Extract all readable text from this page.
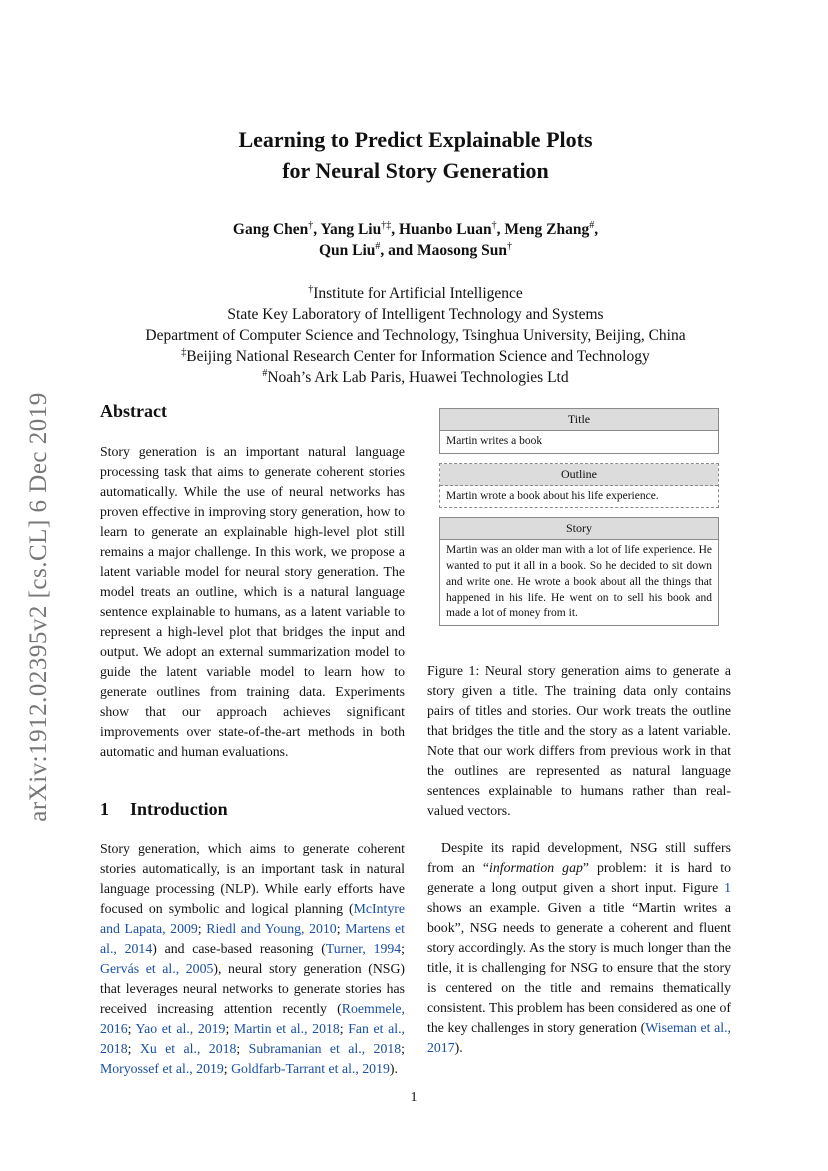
arXiv:1912.02395v2 [cs.CL] 6 Dec 2019
Learning to Predict Explainable Plots
for Neural Story Generation
Gang Chen†, Yang Liu†‡, Huanbo Luan†, Meng Zhang#,
Qun Liu#, and Maosong Sun†
†Institute for Artificial Intelligence
State Key Laboratory of Intelligent Technology and Systems
Department of Computer Science and Technology, Tsinghua University, Beijing, China
‡Beijing National Research Center for Information Science and Technology
#Noah’s Ark Lab Paris, Huawei Technologies Ltd
Abstract

Story generation is an important natural language processing task that aims to generate coherent stories automatically. While the use of neural networks has proven effective in improving story generation, how to learn to generate an explainable high-level plot still remains a major challenge. In this work, we propose a latent variable model for neural story generation. The model treats an outline, which is a natural language sentence explainable to humans, as a latent variable to represent a high-level plot that bridges the input and output. We adopt an external summarization model to guide the latent variable model to learn how to generate outlines from training data. Experiments show that our approach achieves significant improvements over state-of-the-art methods in both automatic and human evaluations.

1 Introduction

Story generation, which aims to generate coherent stories automatically, is an important task in natural language processing (NLP). While early efforts have focused on symbolic and logical planning (McIntyre and Lapata, 2009; Riedl and Young, 2010; Martens et al., 2014) and case-based reasoning (Turner, 1994; Gervás et al., 2005), neural story generation (NSG) that leverages neural networks to generate stories has received increasing attention recently (Roemmele, 2016; Yao et al., 2019; Martin et al., 2018; Fan et al., 2018; Xu et al., 2018; Subramanian et al., 2018; Moryossef et al., 2019; Goldfarb-Tarrant et al., 2019).

Title
Martin writes a book
Outline
Martin wrote a book about his life experience.
Story
Martin was an older man with a lot of life experience. He wanted to put it all in a book. So he decided to sit down and write one. He wrote a book about all the things that happened in his life. He went on to sell his book and made a lot of money from it.

Figure 1: Neural story generation aims to generate a story given a title. The training data only contains pairs of titles and stories. Our work treats the outline that bridges the title and the story as a latent variable. Note that our work differs from previous work in that the outlines are represented as natural language sentences explainable to humans rather than real-valued vectors.

Despite its rapid development, NSG still suffers from an “information gap” problem: it is hard to generate a long output given a short input. Figure 1 shows an example. Given a title “Martin writes a book”, NSG needs to generate a coherent and fluent story accordingly. As the story is much longer than the title, it is challenging for NSG to ensure that the story is centered on the title and remains thematically consistent. This problem has been considered as one of the key challenges in story generation (Wiseman et al., 2017).

1
